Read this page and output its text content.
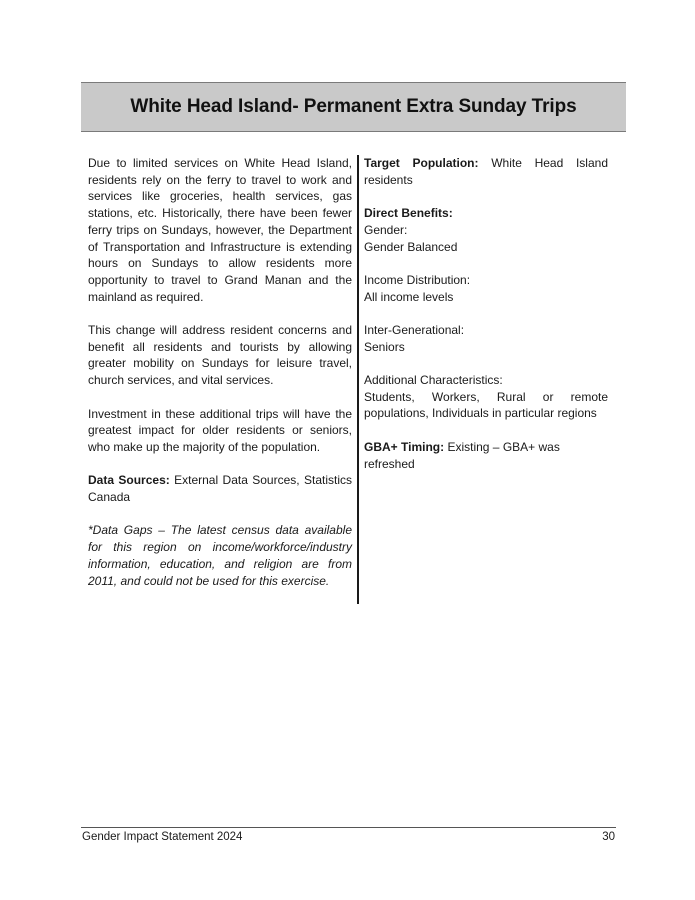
White Head Island- Permanent Extra Sunday Trips

Due to limited services on White Head Island, residents rely on the ferry to travel to work and services like groceries, health services, gas stations, etc. Historically, there have been fewer ferry trips on Sundays, however, the Department of Transportation and Infrastructure is extending hours on Sundays to allow residents more opportunity to travel to Grand Manan and the mainland as required.

This change will address resident concerns and benefit all residents and tourists by allowing greater mobility on Sundays for leisure travel, church services, and vital services.

Investment in these additional trips will have the greatest impact for older residents or seniors, who make up the majority of the population.

Data Sources: External Data Sources, Statistics Canada

*Data Gaps – The latest census data available for this region on income/workforce/industry information, education, and religion are from 2011, and could not be used for this exercise.

Target Population: White Head Island residents
Direct Benefits:
Gender:
Gender Balanced
Income Distribution:
All income levels
Inter-Generational:
Seniors
Additional Characteristics:
Students, Workers, Rural or remote populations, Individuals in particular regions
GBA+ Timing: Existing – GBA+ was refreshed
Gender Impact Statement 2024	30
